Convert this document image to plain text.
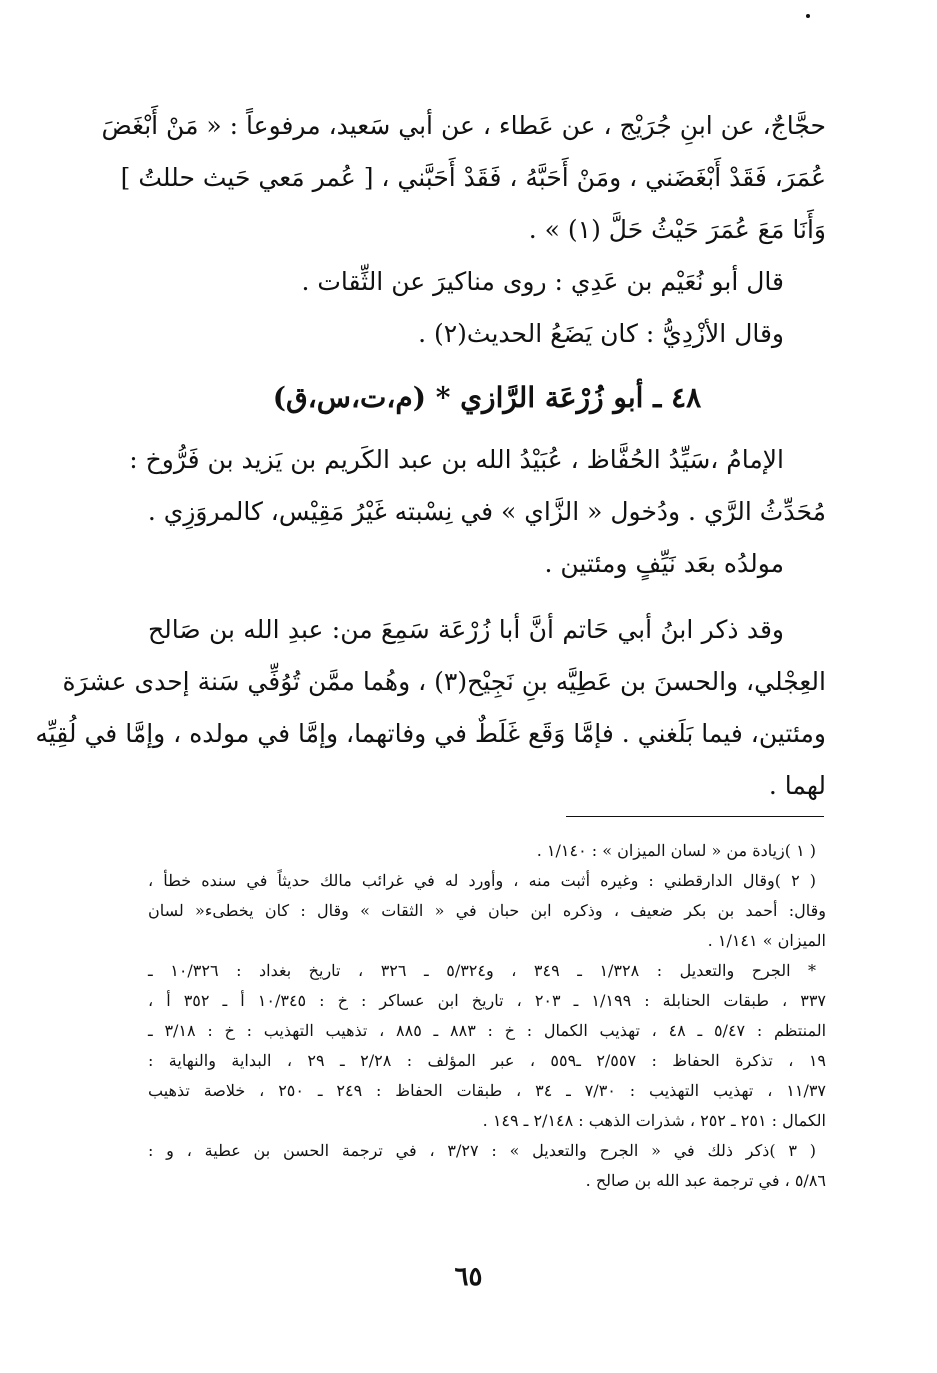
حجَّاجٌ، عن ابنِ جُرَيْج ، عن عَطاء ، عن أبي سَعيد، مرفوعاً : « مَنْ أَبْغَضَ

عُمَرَ، فَقَدْ أَبْغَضَني ، ومَنْ أَحَبَّهُ ، فَقَدْ أَحَبَّني ، [ عُمر مَعي حَيث حللتُ ]

وَأَنَا مَعَ عُمَرَ حَيْثُ حَلَّ (١) » .

قال أبو نُعَيْم بن عَدِي : روى مناكيرَ عن الثِّقات .

وقال الأزْدِيُّ : كان يَضَعُ الحديث(٢) .

٤٨ ـ أبو زُرْعَة الرَّازي * (م،ت،س،ق)

الإمامُ ،سَيِّدُ الحُفَّاظ ، عُبَيْدُ الله بن عبد الكَريم بن يَزيد بن فَرُّوخ :

مُحَدِّثُ الرَّي . ودُخول « الزَّاي » في نِسْبته غَيْرُ مَقِيْس، كالمروَزِي .

مولدُه بعَد نَيِّفٍ ومئتين .

وقد ذكر ابنُ أبي حَاتم أنَّ أبا زُرْعَة سَمِعَ من: عبدِ الله بن صَالح

العِجْلي، والحسنَ بن عَطِيَّه بنِ نَجِيْح(٣) ، وهُما ممَّن تُوُفِّي سَنة إحدى عشرَة

ومئتين، فيما بَلَغني . فإمَّا وَقَع غَلَطٌ في وفاتهما، وإمَّا في مولده ، وإمَّا في لُقِيِّه

لهما .

( ١ )زيادة من « لسان الميزان » : ١/١٤٠ .

( ٢ )وقال الدارقطني : وغيره أثبت منه ، وأورد له في غرائب مالك حديثاً في سنده خطأ ،

وقال: أحمد بن بكر ضعيف ، وذكره ابن حبان في « الثقات » وقال : كان يخطىء« لسان

الميزان » ١/١٤١ .

* الجرح والتعديل : ١/٣٢٨ ـ ٣٤٩ ، و٥/٣٢٤ ـ ٣٢٦ ، تاريخ بغداد : ١٠/٣٢٦ ـ

٣٣٧ ، طبقات الحنابلة : ١/١٩٩ ـ ٢٠٣ ، تاريخ ابن عساكر : خ : ١٠/٣٤٥ أ ـ ٣٥٢ أ ،

المنتظم : ٥/٤٧ ـ ٤٨ ، تهذيب الكمال : خ : ٨٨٣ ـ ٨٨٥ ، تذهيب التهذيب : خ : ٣/١٨ ـ

١٩ ، تذكرة الحفاظ : ٢/٥٥٧ ـ٥٥٩ ، عبر المؤلف : ٢/٢٨ ـ ٢٩ ، البداية والنهاية :

١١/٣٧ ، تهذيب التهذيب : ٧/٣٠ ـ ٣٤ ، طبقات الحفاظ : ٢٤٩ ـ ٢٥٠ ، خلاصة تذهيب

الكمال : ٢٥١ ـ ٢٥٢ ، شذرات الذهب : ٢/١٤٨ ـ ١٤٩ .

( ٣ )ذكر ذلك في « الجرح والتعديل » : ٣/٢٧ ، في ترجمة الحسن بن عطية ، و :

٥/٨٦ ، في ترجمة عبد الله بن صالح .

٦٥
